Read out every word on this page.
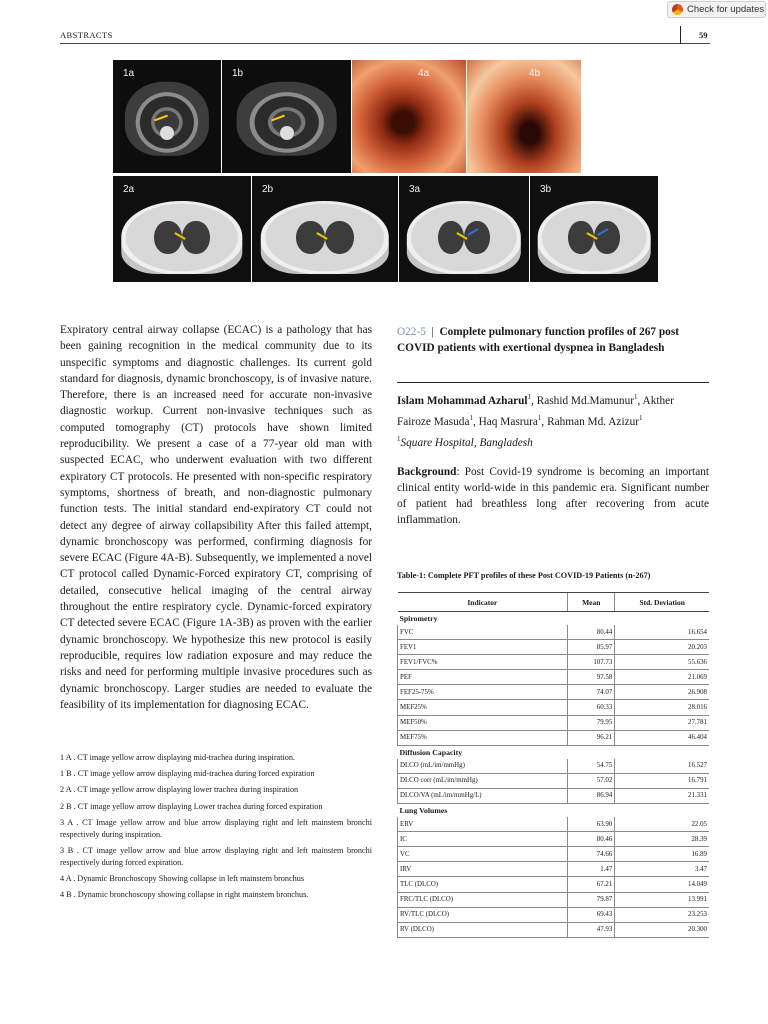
ABSTRACTS	59
Check for updates
1a	1b	4a	4b
2a	2b	3a	3b
Expiratory central airway collapse (ECAC) is a pathology that has been gaining recognition in the medical community due to its unspecific symptoms and diagnostic challenges. Its current gold standard for diagnosis, dynamic bronchoscopy, is of invasive nature. Therefore, there is an increased need for accurate non-invasive diagnostic workup. Current non-invasive techniques such as computed tomography (CT) protocols have shown limited reproducibility. We present a case of a 77-year old man with suspected ECAC, who underwent evaluation with two different expiratory CT protocols. He presented with non-specific respiratory symptoms, shortness of breath, and non-diagnostic pulmonary function tests. The initial standard end-expiratory CT could not detect any degree of airway collapsibility After this failed attempt, dynamic bronchoscopy was performed, confirming diagnosis for severe ECAC (Figure 4A-B). Subsequently, we implemented a novel CT protocol called Dynamic-Forced expiratory CT, comprising of detailed, consecutive helical imaging of the central airway throughout the entire respiratory cycle. Dynamic-forced expiratory CT detected severe ECAC (Figure 1A-3B) as proven with the earlier dynamic bronchoscopy. We hypothesize this new protocol is easily reproducible, requires low radiation exposure and may reduce the risks and need for performing multiple invasive procedures such as dynamic bronchoscopy. Larger studies are needed to evaluate the feasibility of its implementation for diagnosing ECAC.

1 A . CT image yellow arrow displaying mid-trachea during inspiration.

1 B . CT image yellow arrow displaying mid-trachea during forced expiration

2 A . CT image yellow arrow displaying lower trachea during inspiration

2 B . CT image yellow arrow displaying Lower trachea during forced expiration

3 A . CT Image yellow arrow and blue arrow displaying right and left mainstem bronchi respectively during inspiration.

3 B . CT image yellow arrow and blue arrow displaying right and left mainstem bronchi respectively during forced expiration.

4 A . Dynamic Bronchoscopy Showing collapse in left mainstem bronchus

4 B . Dynamic bronchoscopy showing collapse in right mainstem bronchus.

O22-5 | Complete pulmonary function profiles of 267 post COVID patients with exertional dyspnea in Bangladesh
Islam Mohammad Azharul$^1$, Rashid Md.Mamunur$^1$, Akther Fairoze Masuda$^1$, Haq Masrura$^1$, Rahman Md. Azizur$^1$
$^1$Square Hospital, Bangladesh
Background: Post Covid-19 syndrome is becoming an important clinical entity world-wide in this pandemic era. Significant number of patient had breathless long after recovering from acute inflammation.
Table-1: Complete PFT profiles of these Post COVID-19 Patients (n-267)
Indicator	Mean	Std. Deviation
Spirometry		
FVC	80.44	16.654
FEV1	85.97	20.203
FEV1/FVC%	107.73	55.636
PEF	97.58	21.069
FEF25-75%	74.07	26.908
MEF25%	60.33	28.016
MEF50%	79.95	27.781
MEF75%	96.21	46.404
Diffusion Capacity		
DLCO (mL/im/mmHg)	54.75	16.527
DLCO corr (mL/im/mmHg)	57.02	16.791
DLCO/VA (mL/im/mmHg/L)	86.94	21.331
Lung Volumes		
ERV	63.90	22.05
IC	80.46	28.39
VC	74.66	16.89
IRV	1.47	3.47
TLC (DLCO)	67.21	14.049
FRC/TLC (DLCO)	79.87	13.991
RV/TLC (DLCO)	69.43	23.253
RV (DLCO)	47.93	20.300
